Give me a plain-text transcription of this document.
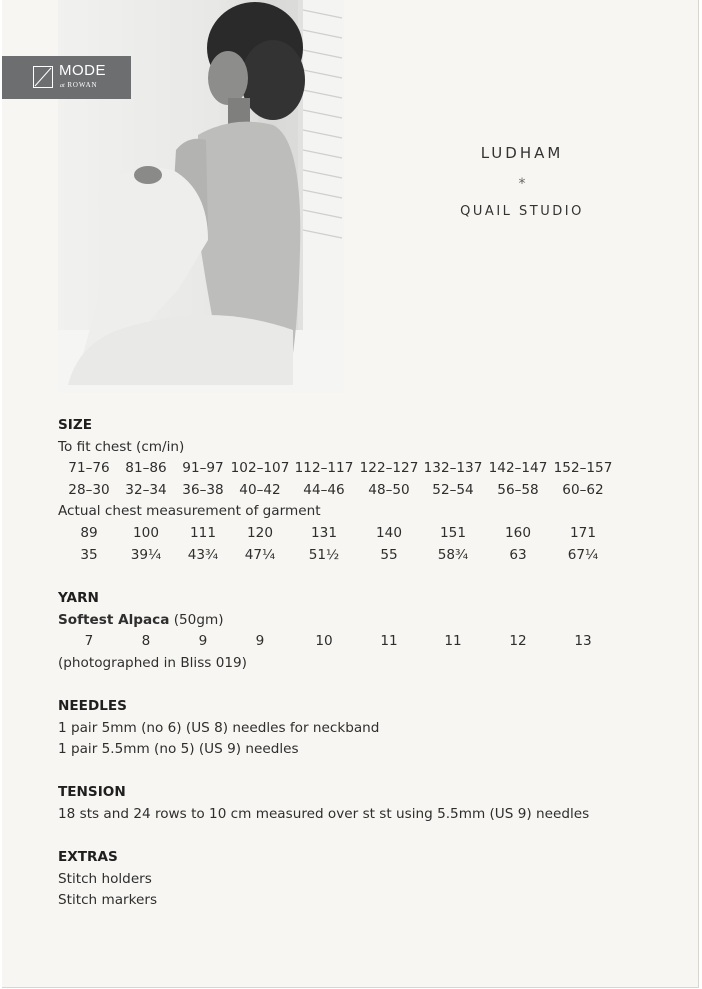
MODE
at ROWAN
LUDHAM
*
QUAIL STUDIO
SIZE
To fit chest (cm/in)
71–76 81–86 91–97 102–107 112–117 122–127 132–137 142–147 152–157
28–30 32–34 36–38 40–42 44–46 48–50 52–54 56–58 60–62
Actual chest measurement of garment
89	100 111 120	131	140	151	160	171
35 39¼ 43¾ 47¼ 51½	55	58¾	63	67¼
YARN
Softest Alpaca (50gm)
7	8	9	9	10	11	11	12	13
(photographed in Bliss 019)
NEEDLES
1 pair 5mm (no 6) (US 8) needles for neckband
1 pair 5.5mm (no 5) (US 9) needles
TENSION
18 sts and 24 rows to 10 cm measured over st st using 5.5mm (US 9) needles
EXTRAS
Stitch holders
Stitch markers
